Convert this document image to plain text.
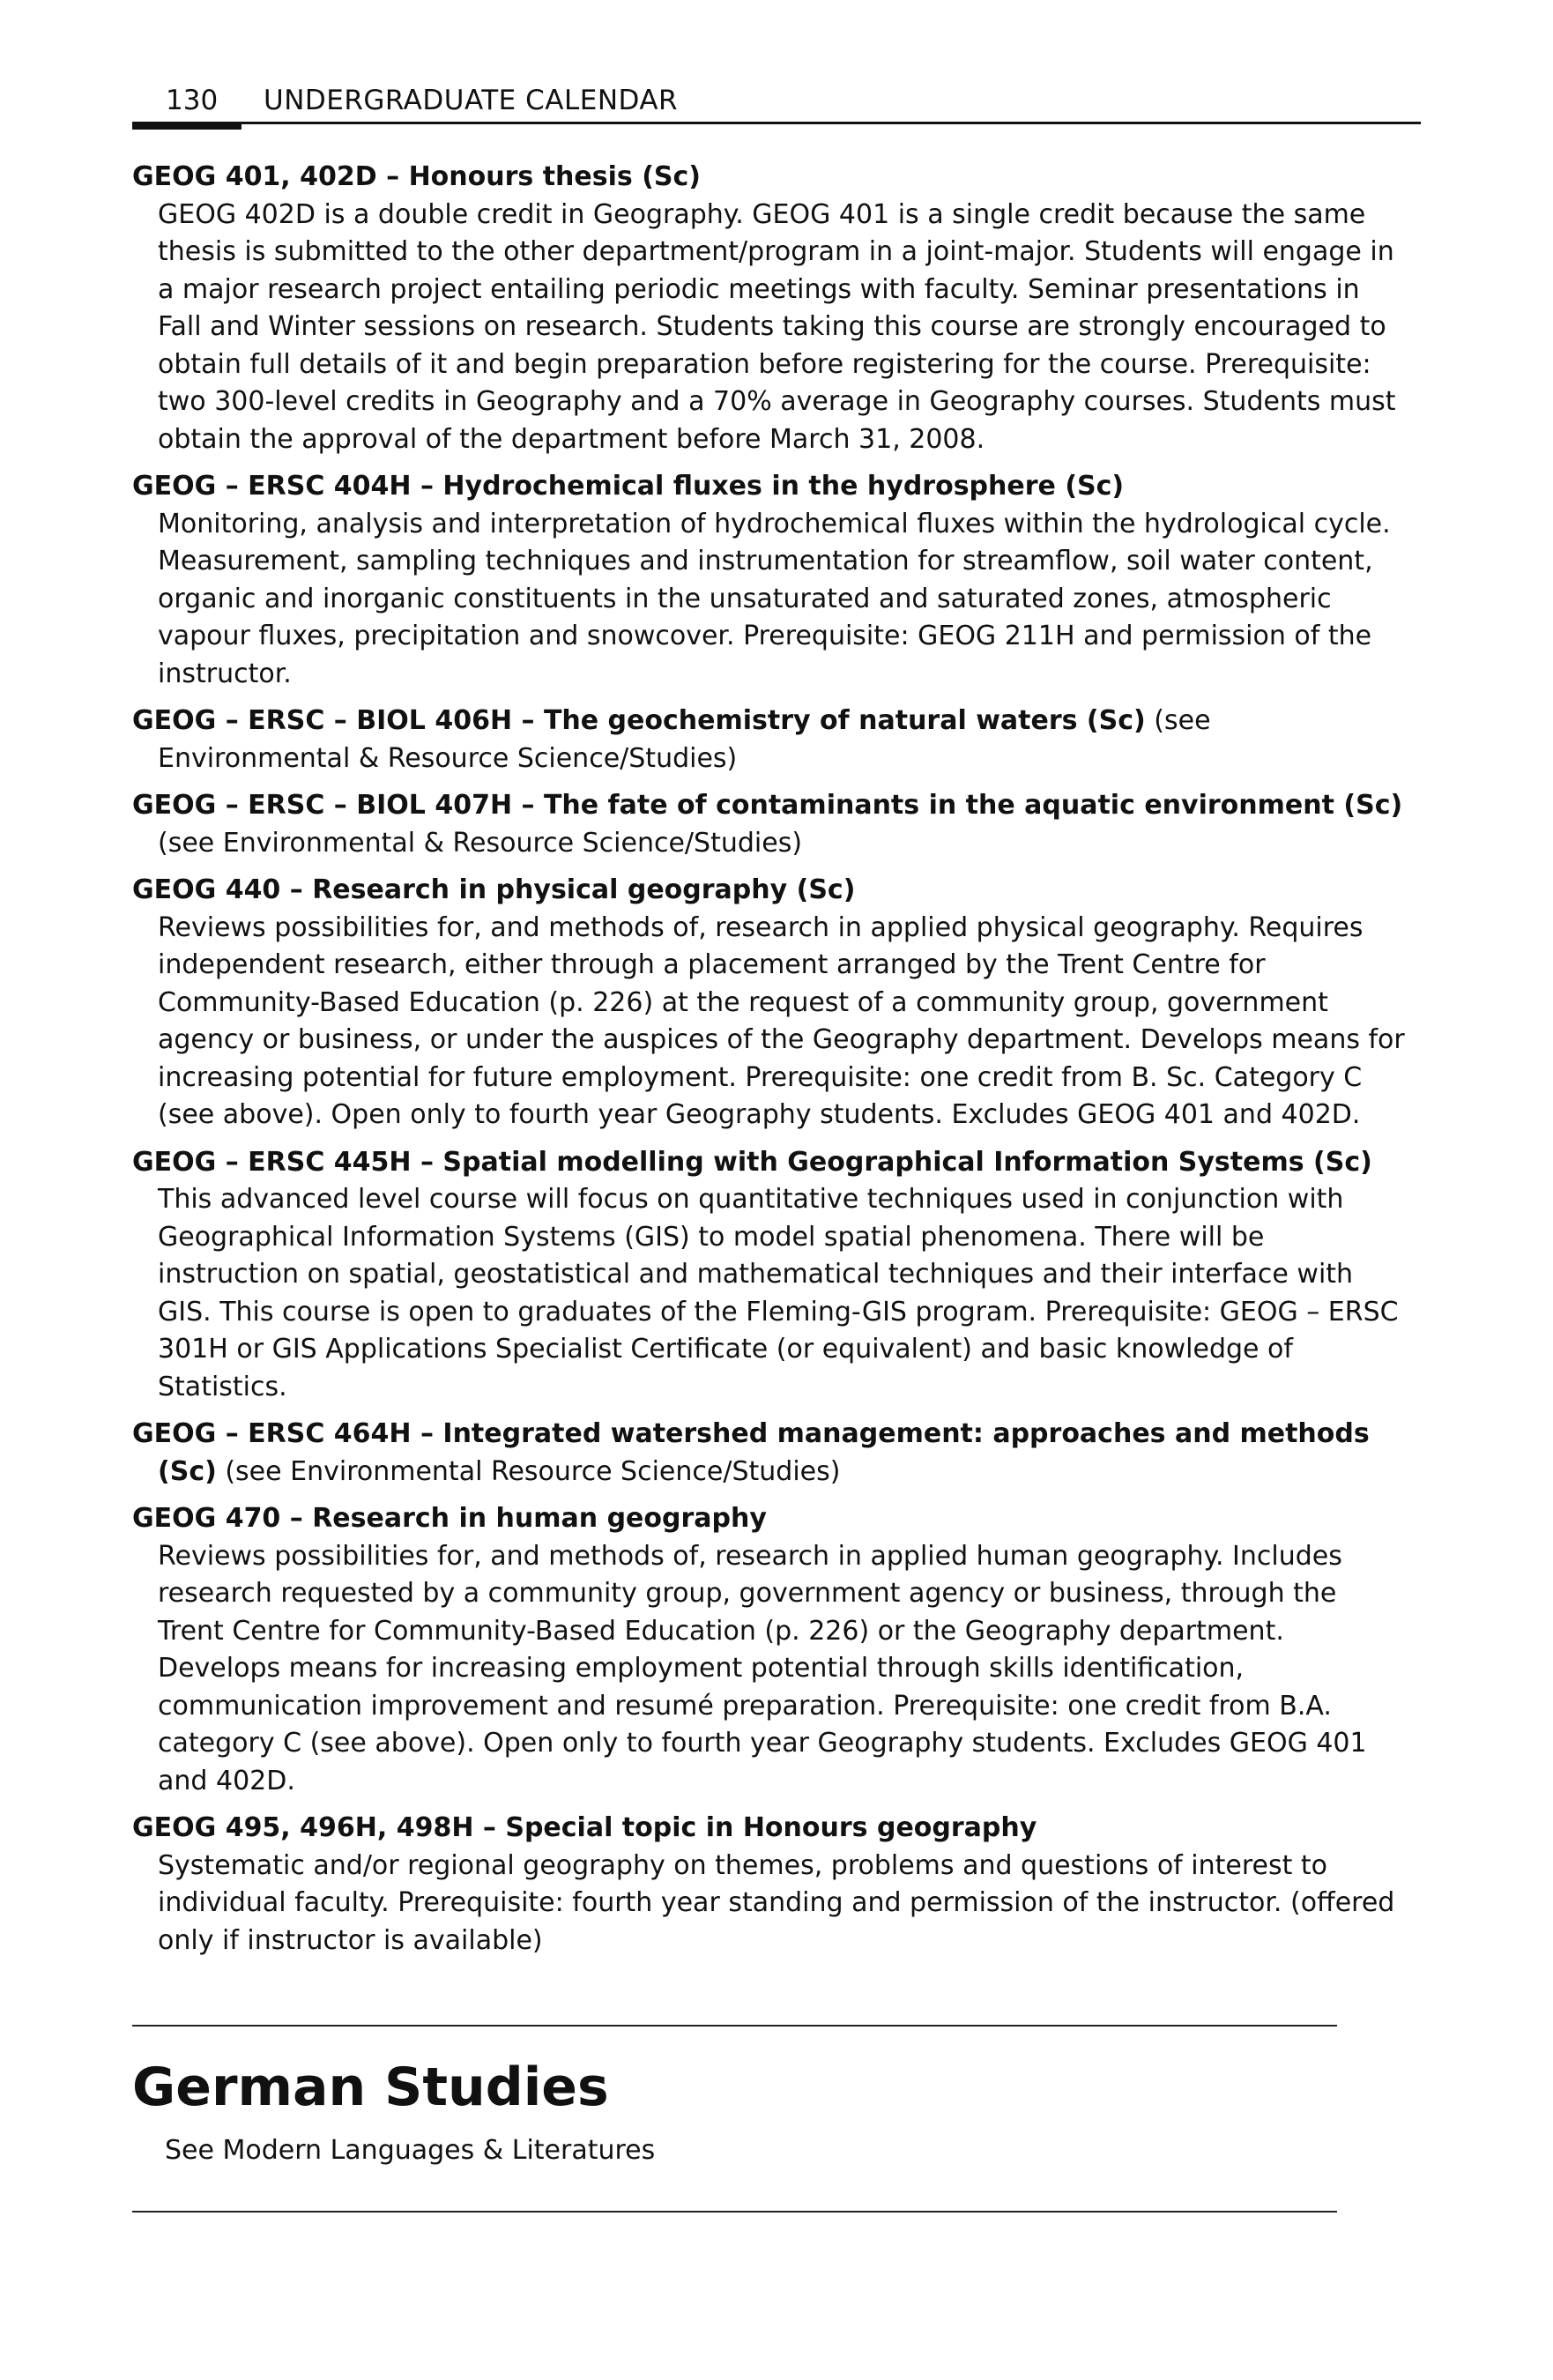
130 UNDERGRADUATE CALENDAR

GEOG 401, 402D – Honours thesis (Sc)

GEOG 402D is a double credit in Geography. GEOG 401 is a single credit because the same thesis is submitted to the other department/program in a joint-major. Students will engage in a major research project entailing periodic meetings with faculty. Seminar presentations in Fall and Winter sessions on research. Students taking this course are strongly encouraged to obtain full details of it and begin preparation before registering for the course. Prerequisite: two 300-level credits in Geography and a 70% average in Geography courses. Students must obtain the approval of the department before March 31, 2008.

GEOG – ERSC 404H – Hydrochemical fluxes in the hydrosphere (Sc)

Monitoring, analysis and interpretation of hydrochemical fluxes within the hydrological cycle. Measurement, sampling techniques and instrumentation for streamflow, soil water content, organic and inorganic constituents in the unsaturated and saturated zones, atmospheric vapour fluxes, precipitation and snowcover. Prerequisite: GEOG 211H and permission of the instructor.

GEOG – ERSC – BIOL 406H – The geochemistry of natural waters (Sc) (see Environmental & Resource Science/Studies)

GEOG – ERSC – BIOL 407H – The fate of contaminants in the aquatic environment (Sc) (see Environmental & Resource Science/Studies)

GEOG 440 – Research in physical geography (Sc)

Reviews possibilities for, and methods of, research in applied physical geography. Requires independent research, either through a placement arranged by the Trent Centre for Community-Based Education (p. 226) at the request of a community group, government agency or business, or under the auspices of the Geography department. Develops means for increasing potential for future employment. Prerequisite: one credit from B. Sc. Category C (see above). Open only to fourth year Geography students. Excludes GEOG 401 and 402D.

GEOG – ERSC 445H – Spatial modelling with Geographical Information Systems (Sc)

This advanced level course will focus on quantitative techniques used in conjunction with Geographical Information Systems (GIS) to model spatial phenomena. There will be instruction on spatial, geostatistical and mathematical techniques and their interface with GIS. This course is open to graduates of the Fleming-GIS program. Prerequisite: GEOG – ERSC 301H or GIS Applications Specialist Certificate (or equivalent) and basic knowledge of Statistics.

GEOG – ERSC 464H – Integrated watershed management: approaches and methods (Sc) (see Environmental Resource Science/Studies)

GEOG 470 – Research in human geography

Reviews possibilities for, and methods of, research in applied human geography. Includes research requested by a community group, government agency or business, through the Trent Centre for Community-Based Education (p. 226) or the Geography department. Develops means for increasing employment potential through skills identification, communication improvement and resumé preparation. Prerequisite: one credit from B.A. category C (see above). Open only to fourth year Geography students. Excludes GEOG 401 and 402D.

GEOG 495, 496H, 498H – Special topic in Honours geography

Systematic and/or regional geography on themes, problems and questions of interest to individual faculty. Prerequisite: fourth year standing and permission of the instructor. (offered only if instructor is available)

German Studies
See Modern Languages & Literatures
